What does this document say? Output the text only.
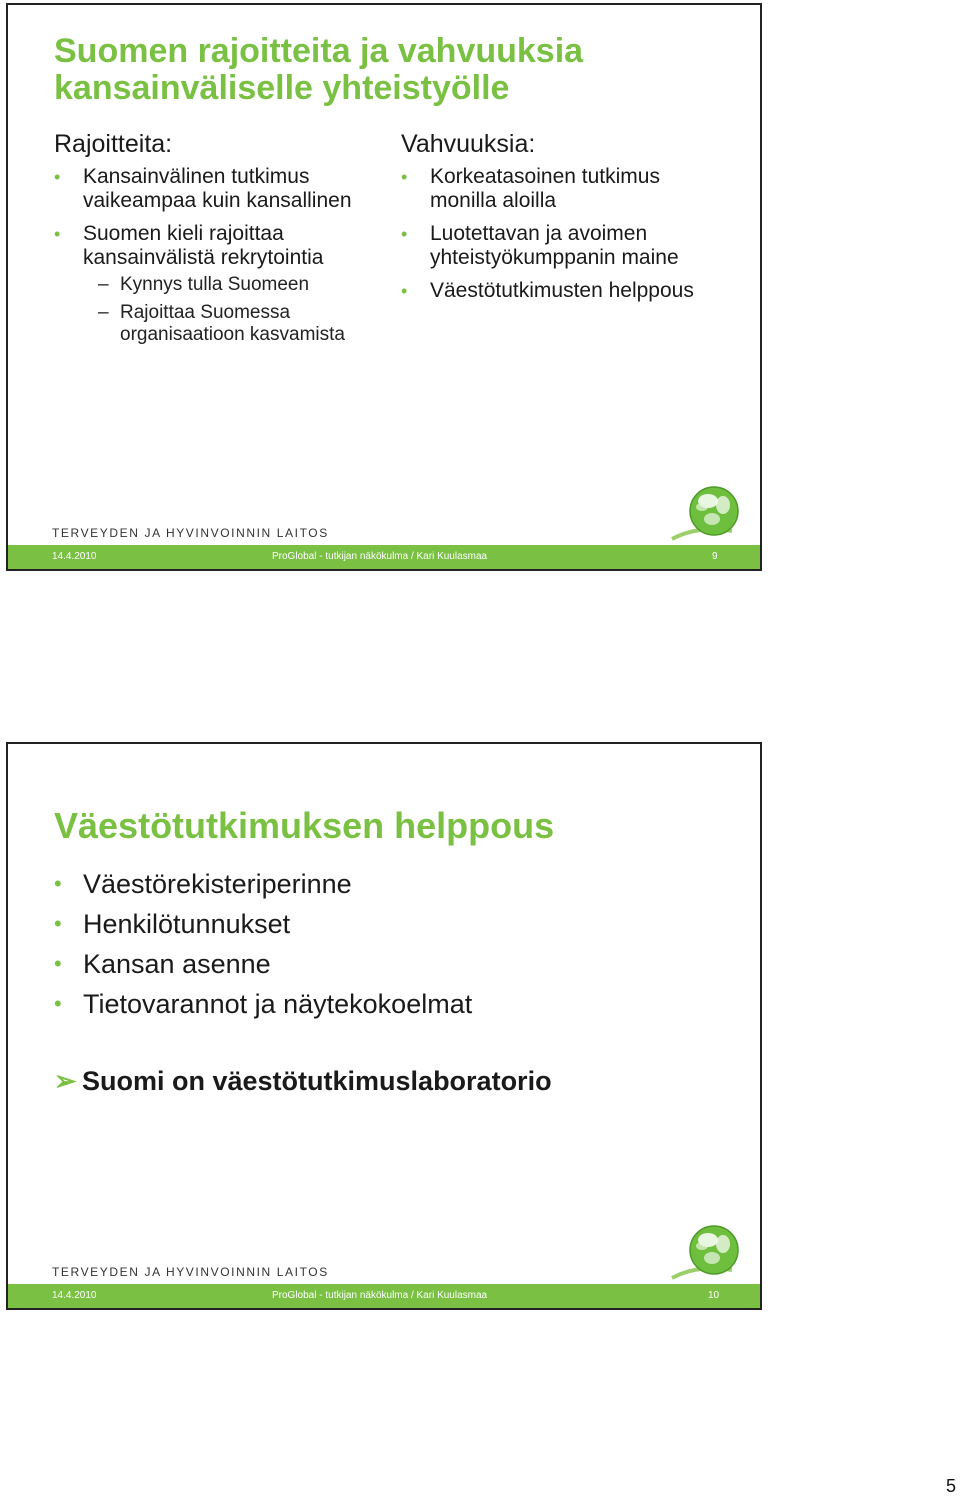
Suomen rajoitteita ja vahvuuksia kansainväliselle yhteistyölle

Rajoitteita:

• Kansainvälinen tutkimus vaikeampaa kuin kansallinen
• Suomen kieli rajoittaa kansainvälistä rekrytointia
– Kynnys tulla Suomeen
– Rajoittaa Suomessa organisaatioon kasvamista

Vahvuuksia:

• Korkeatasoinen tutkimus monilla aloilla
• Luotettavan ja avoimen yhteistyökumppanin maine
• Väestötutkimusten helppous
TERVEYDEN JA HYVINVOINNIN LAITOS
14.4.2010	ProGlobal - tutkijan näkökulma / Kari Kuulasmaa	9
Väestötutkimuksen helppous
• Väestörekisteriperinne
• Henkilötunnukset
• Kansan asenne
• Tietovarannot ja näytekokoelmat
➢ Suomi on väestötutkimuslaboratorio
TERVEYDEN JA HYVINVOINNIN LAITOS
14.4.2010	ProGlobal - tutkijan näkökulma / Kari Kuulasmaa	10
5
